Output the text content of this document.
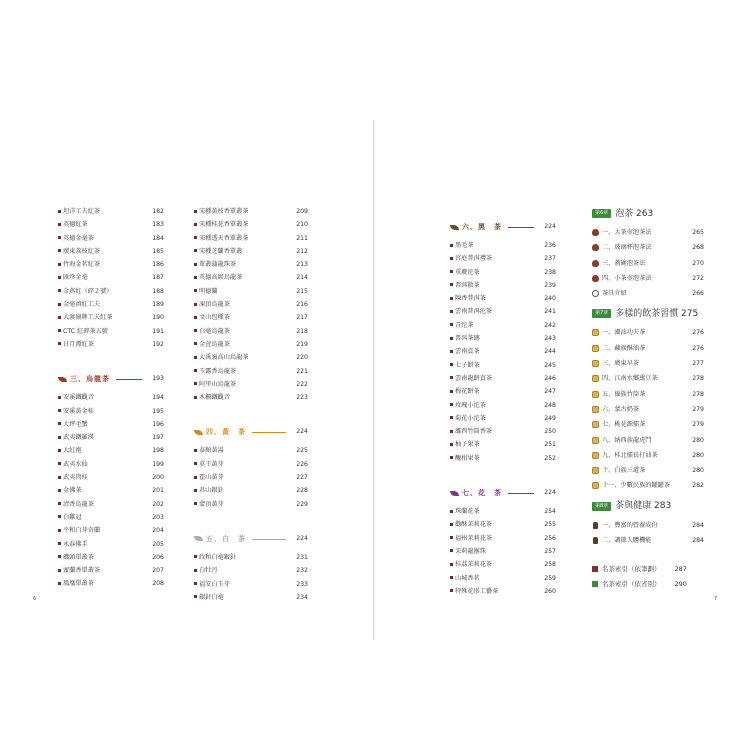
坦洋工夫紅茶	182
英德紅茶	183
英德金毫茶	184
廣東荔枝紅茶	185
竹海金茗紅茶	186
匯珍金毫	187
金燕紅（碎２號）	188
金毫滇紅工夫	189
大渡崗牌工夫紅茶	190
CTC 紅碎茶五號	191
日月潭紅茶	192
三、烏龍茶	193
安溪鐵觀音	194
安溪黃金桂	195
大坪毛蟹	196
武夷鐵羅漢	197
大紅袍	198
武夷水仙	199
武夷肉桂	200
金佛茶	201
清香烏龍茶	202
白雞冠	203
平和白芽奇蘭	204
永春佛手	205
磯頭單叢茶	206
蜜蘭香單叢茶	207
鳳凰單叢茶	208
宋種黃枝香單叢茶	209
宋種桂花香單叢茶	210
宋種透天香單叢茶	211
宋種芝蘭香單叢	212
單叢蒲龍珠茶	213
英德高級烏龍茶	214
明德蘭	215
凍頂烏龍茶	216
文山包種茶	217
白毫烏龍茶	218
金萱烏龍茶	219
大禹嶺高山烏龍茶	220
玉露香烏龍茶	221
阿里山烏龍茶	222
木柵鐵觀音	223
四、黃　茶	224
泰順黃湯	225
莫干黃芽	226
霍山黃芽	227
君山銀針	228
蒙頂黃芽	229
五、白　茶	224
政和白毫銀針	231
白牡丹	232
福安白玉芽	233
銀針白毫	234
六、黑　茶	224
黑毛茶	236
宮庭普洱禮茶	237
重慶沱茶	238
普洱散茶	239
陳香普洱茶	240
雲南普洱沱茶	241
青沱茶	242
普洱茶磚	243
雲南貢茶	244
七子餅茶	245
雲南龍餅貢茶	246
梅花餅茶	247
玫瑰小沱茶	248
菊花小沱茶	249
灘西竹筒香茶	250
柚子果茶	251
醜柑果茶	252
七、花　茶	224
珠蘭花茶	254
勸酥茉莉花茶	255
福州茉莉花茶	256
茉莉龍團珠	257
桂茘茉莉花茶	258
山城香茗	259
特殊花形工藝茶	260
第6章 泡茶 263
一、大茶壺泡茶法	265
二、玻璃杯泡茶法	268
三、蓋碗泡茶法	270
四、小茶壺泡茶法	272
茶具介紹	266
第7章 多樣的飲茶習慣 275
一、潮汕功夫茶	276
二、藏族酥油茶	276
三、廣東早茶	277
四、江南水鄉熏豆茶	278
五、傣族竹筒茶	278
六、蒙古奶茶	279
七、桃花源擂茶	279
八、納西族龍虎鬥	280
九、桂北擂長打油茶	280
十、白族三道茶	280
十一、少數民族的罐罐茶	282
第8章 茶與健康 283
一、豐富的營養成份	284
二、調節人體機能	284
名茶索引（依筆劃） 287
名茶索引（依省別） 290
6	7
